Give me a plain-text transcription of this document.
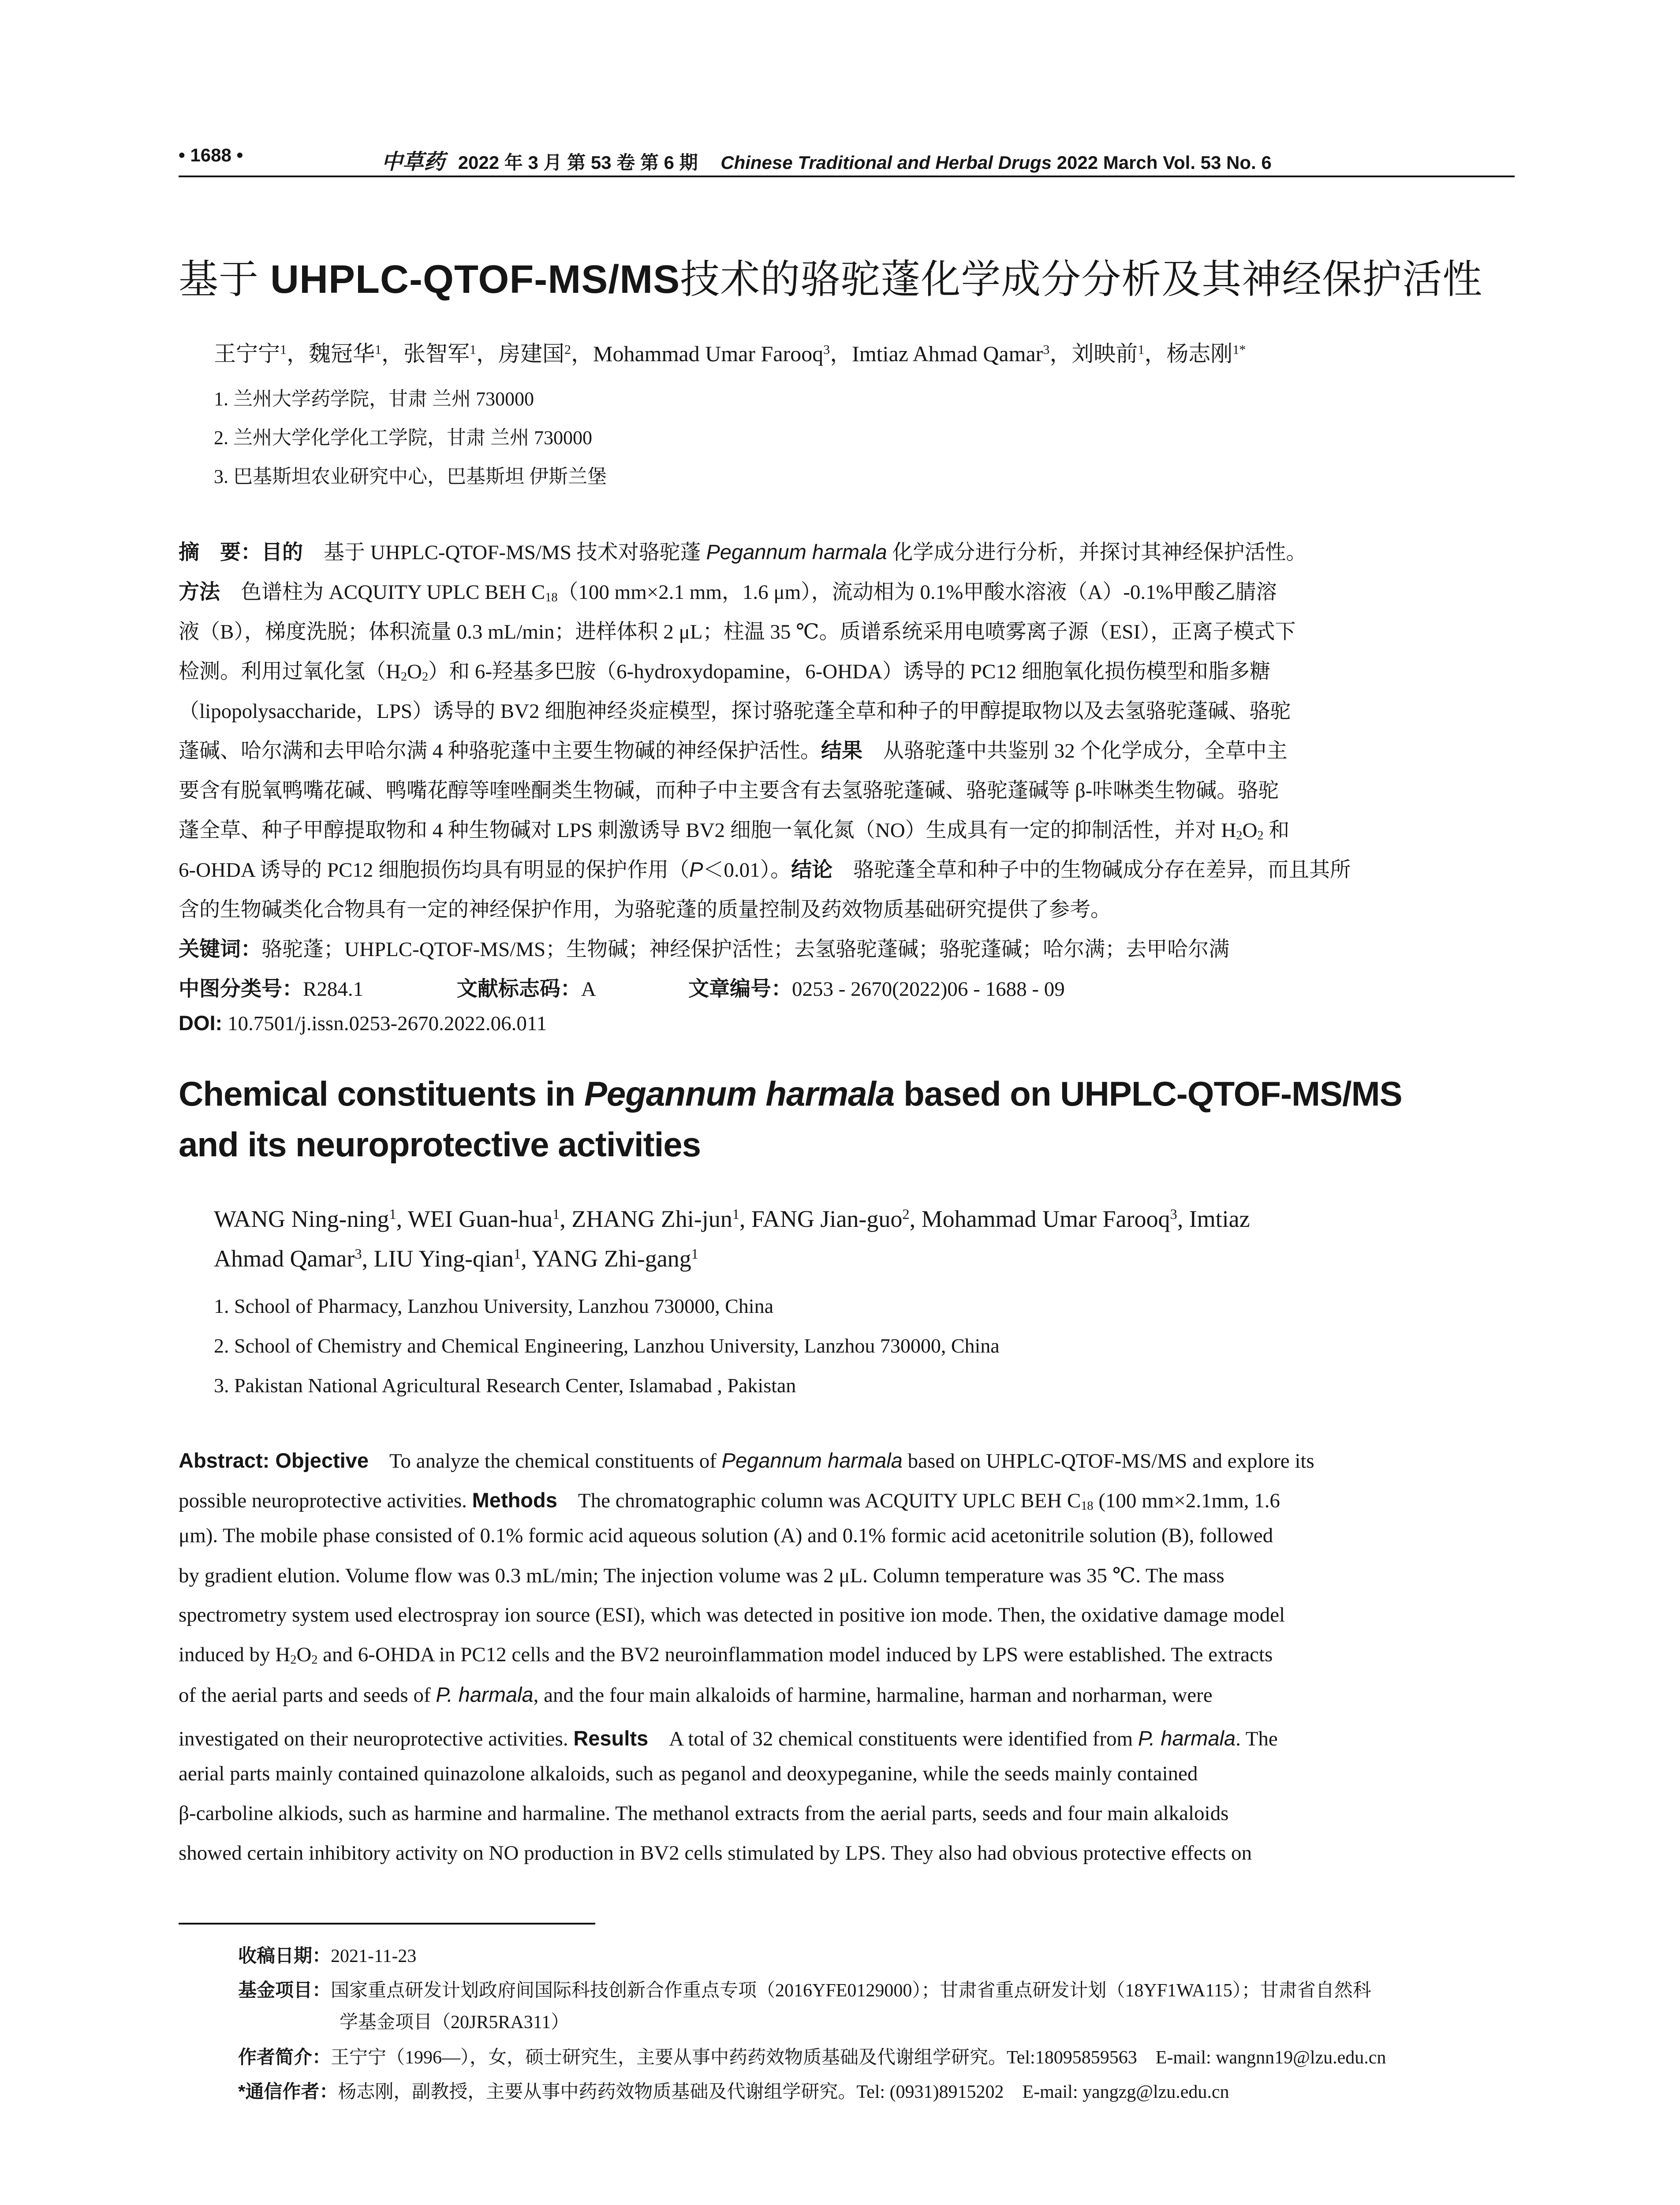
• 1688 •	中草药 2022 年 3 月 第 53 卷 第 6 期 Chinese Traditional and Herbal Drugs 2022 March Vol. 53 No. 6
基于 UHPLC-QTOF-MS/MS技术的骆驼蓬化学成分分析及其神经保护活性
王宁宁$^1$，魏冠华$^1$，张智军$^1$，房建国$^2$，Mohammad Umar Farooq$^3$，Imtiaz Ahmad Qamar$^3$，刘映前$^1$，杨志刚$^{1*}$
1. 兰州大学药学院，甘肃 兰州 730000
2. 兰州大学化学化工学院，甘肃 兰州 730000
3. 巴基斯坦农业研究中心，巴基斯坦 伊斯兰堡
摘　要：目的　基于 UHPLC-QTOF-MS/MS 技术对骆驼蓬 Pegannum harmala 化学成分进行分析，并探讨其神经保护活性。
方法　色谱柱为 ACQUITY UPLC BEH $C_{18}(100$ mm×2.1 mm，1.6 μm），流动相为 0.1%甲酸水溶液（A）-0.1%甲酸乙腈溶
液（B），梯度洗脱；体积流量 0.3 mL/min；进样体积 2 μL；柱温 35 ℃。质谱系统采用电喷雾离子源（ESI），正离子模式下
检测。利用过氧化氢$(H_2O_2)$和 6-羟基多巴胺（6-hydroxydopamine，6-OHDA）诱导的 PC12 细胞氧化损伤模型和脂多糖
（lipopolysaccharide，LPS）诱导的 BV2 细胞神经炎症模型，探讨骆驼蓬全草和种子的甲醇提取物以及去氢骆驼蓬碱、骆驼
蓬碱、哈尔满和去甲哈尔满 4 种骆驼蓬中主要生物碱的神经保护活性。结果　从骆驼蓬中共鉴别 32 个化学成分，全草中主
要含有脱氧鸭嘴花碱、鸭嘴花醇等喹唑酮类生物碱，而种子中主要含有去氢骆驼蓬碱、骆驼蓬碱等 β-咔啉类生物碱。骆驼
蓬全草、种子甲醇提取物和 4 种生物碱对 LPS 刺激诱导 BV2 细胞一氧化氮（NO）生成具有一定的抑制活性，并对 $H_2O_2$ 和
6-OHDA 诱导的 PC12 细胞损伤均具有明显的保护作用（P＜0.01）。结论　骆驼蓬全草和种子中的生物碱成分存在差异，而且其所
含的生物碱类化合物具有一定的神经保护作用，为骆驼蓬的质量控制及药效物质基础研究提供了参考。
关键词：骆驼蓬；UHPLC-QTOF-MS/MS；生物碱；神经保护活性；去氢骆驼蓬碱；骆驼蓬碱；哈尔满；去甲哈尔满
中图分类号：R284.1	文献标志码：A	文章编号：0253 - 2670(2022)06 - 1688 - 09
DOI: 10.7501/j.issn.0253-2670.2022.06.011
Chemical constituents in Pegannum harmala based on UHPLC-QTOF-MS/MS
and its neuroprotective activities
WANG Ning-ning$^1$, WEI Guan-hua$^1$, ZHANG Zhi-jun$^1$, FANG Jian-guo$^2$, Mohammad Umar Farooq$^3$, Imtiaz
Ahmad Qamar$^3$, LIU Ying-qian$^1$, YANG Zhi-gang$^1$
1. School of Pharmacy, Lanzhou University, Lanzhou 730000, China
2. School of Chemistry and Chemical Engineering, Lanzhou University, Lanzhou 730000, China
3. Pakistan National Agricultural Research Center, Islamabad , Pakistan
Abstract: Objective　To analyze the chemical constituents of Pegannum harmala based on UHPLC-QTOF-MS/MS and explore its
possible neuroprotective activities. Methods　The chromatographic column was ACQUITY UPLC BEH $C_{18}$ (100 mm×2.1mm, 1.6
μm). The mobile phase consisted of 0.1% formic acid aqueous solution (A) and 0.1% formic acid acetonitrile solution (B), followed
by gradient elution. Volume flow was 0.3 mL/min; The injection volume was 2 μL. Column temperature was 35 ℃. The mass
spectrometry system used electrospray ion source (ESI), which was detected in positive ion mode. Then, the oxidative damage model
induced by $H_2O_2$ and 6-OHDA in PC12 cells and the BV2 neuroinflammation model induced by LPS were established. The extracts
of the aerial parts and seeds of P. harmala, and the four main alkaloids of harmine, harmaline, harman and norharman, were
investigated on their neuroprotective activities. Results　A total of 32 chemical constituents were identified from P. harmala. The
aerial parts mainly contained quinazolone alkaloids, such as peganol and deoxypeganine, while the seeds mainly contained
β-carboline alkiods, such as harmine and harmaline. The methanol extracts from the aerial parts, seeds and four main alkaloids
showed certain inhibitory activity on NO production in BV2 cells stimulated by LPS. They also had obvious protective effects on
收稿日期：2021-11-23
基金项目：国家重点研发计划政府间国际科技创新合作重点专项（2016YFE0129000）；甘肃省重点研发计划（18YF1WA115）；甘肃省自然科
学基金项目（20JR5RA311）
作者简介：王宁宁（1996—），女，硕士研究生，主要从事中药药效物质基础及代谢组学研究。Tel:18095859563　E-mail: wangnn19@lzu.edu.cn
*通信作者：杨志刚，副教授，主要从事中药药效物质基础及代谢组学研究。Tel: (0931)8915202　E-mail: yangzg@lzu.edu.cn
